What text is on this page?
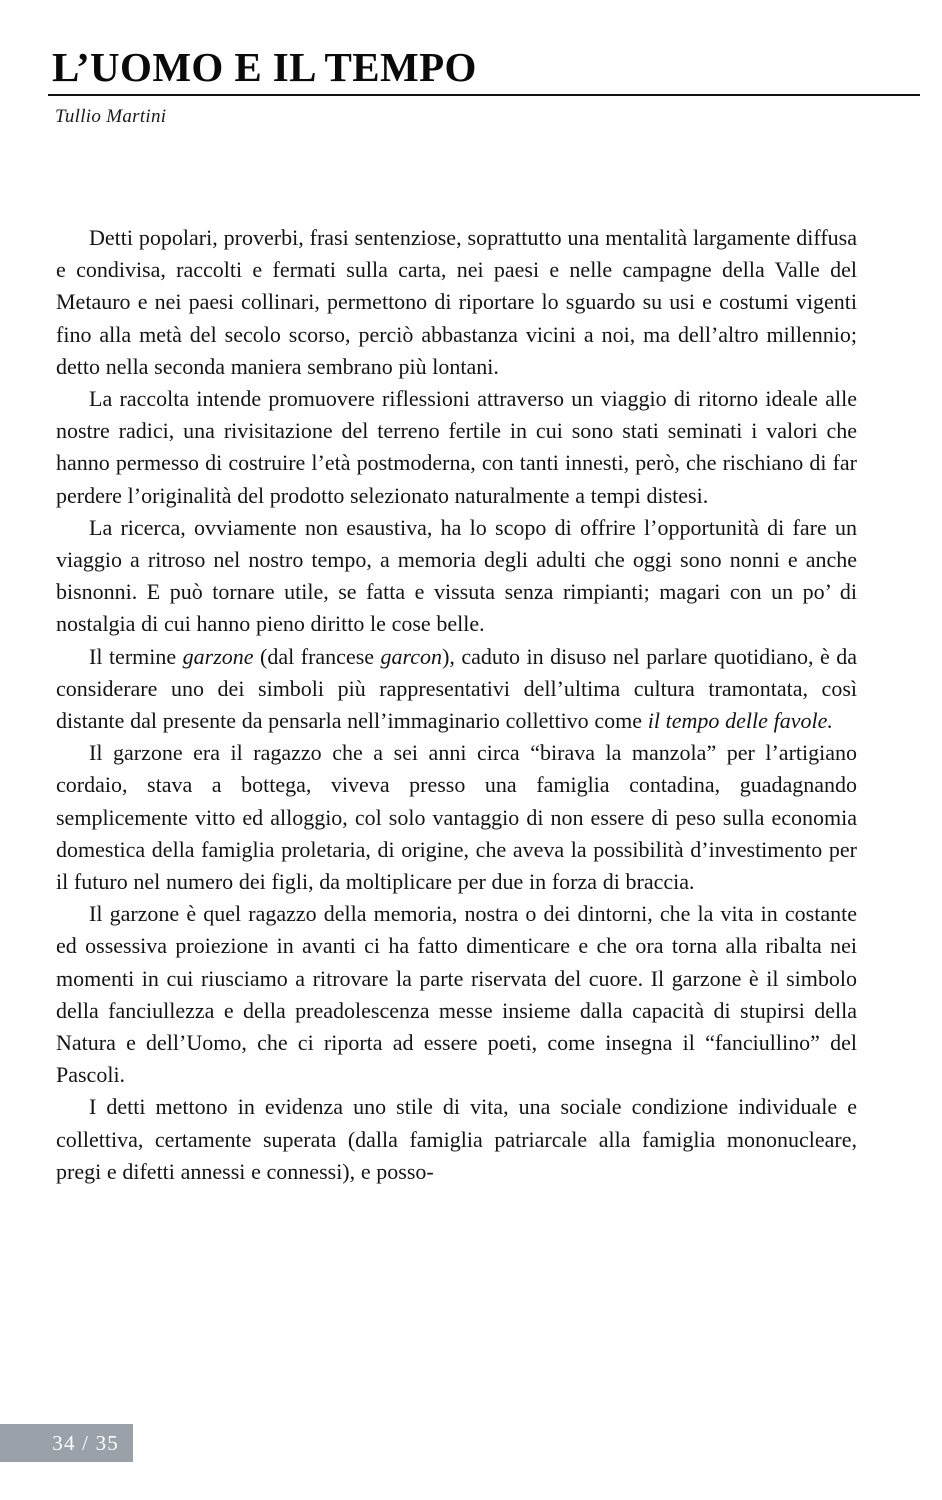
L’UOMO E IL TEMPO
Tullio Martini

Detti popolari, proverbi, frasi sentenziose, soprattutto una mentalità largamente diffusa e condivisa, raccolti e fermati sulla carta, nei paesi e nelle campagne della Valle del Metauro e nei paesi collinari, permettono di riportare lo sguardo su usi e costumi vigenti fino alla metà del secolo scorso, perciò abbastanza vicini a noi, ma dell’altro millennio; detto nella seconda maniera sembrano più lontani.

La raccolta intende promuovere riflessioni attraverso un viaggio di ritorno ideale alle nostre radici, una rivisitazione del terreno fertile in cui sono stati seminati i valori che hanno permesso di costruire l’età postmoderna, con tanti innesti, però, che rischiano di far perdere l’originalità del prodotto selezionato naturalmente a tempi distesi.

La ricerca, ovviamente non esaustiva, ha lo scopo di offrire l’opportunità di fare un viaggio a ritroso nel nostro tempo, a memoria degli adulti che oggi sono nonni e anche bisnonni. E può tornare utile, se fatta e vissuta senza rimpianti; magari con un po’ di nostalgia di cui hanno pieno diritto le cose belle.

Il termine garzone (dal francese garcon), caduto in disuso nel parlare quotidiano, è da considerare uno dei simboli più rappresentativi dell’ultima cultura tramontata, così distante dal presente da pensarla nell’immaginario collettivo come il tempo delle favole.

Il garzone era il ragazzo che a sei anni circa “birava la manzola” per l’artigiano cordaio, stava a bottega, viveva presso una famiglia contadina, guadagnando semplicemente vitto ed alloggio, col solo vantaggio di non essere di peso sulla economia domestica della famiglia proletaria, di origine, che aveva la possibilità d’investimento per il futuro nel numero dei figli, da moltiplicare per due in forza di braccia.

Il garzone è quel ragazzo della memoria, nostra o dei dintorni, che la vita in costante ed ossessiva proiezione in avanti ci ha fatto dimenticare e che ora torna alla ribalta nei momenti in cui riusciamo a ritrovare la parte riservata del cuore. Il garzone è il simbolo della fanciullezza e della preadolescenza messe insieme dalla capacità di stupirsi della Natura e dell’Uomo, che ci riporta ad essere poeti, come insegna il “fanciullino” del Pascoli.

I detti mettono in evidenza uno stile di vita, una sociale condizione individuale e collettiva, certamente superata (dalla famiglia patriarcale alla famiglia mononucleare, pregi e difetti annessi e connessi), e posso-

34 / 35
